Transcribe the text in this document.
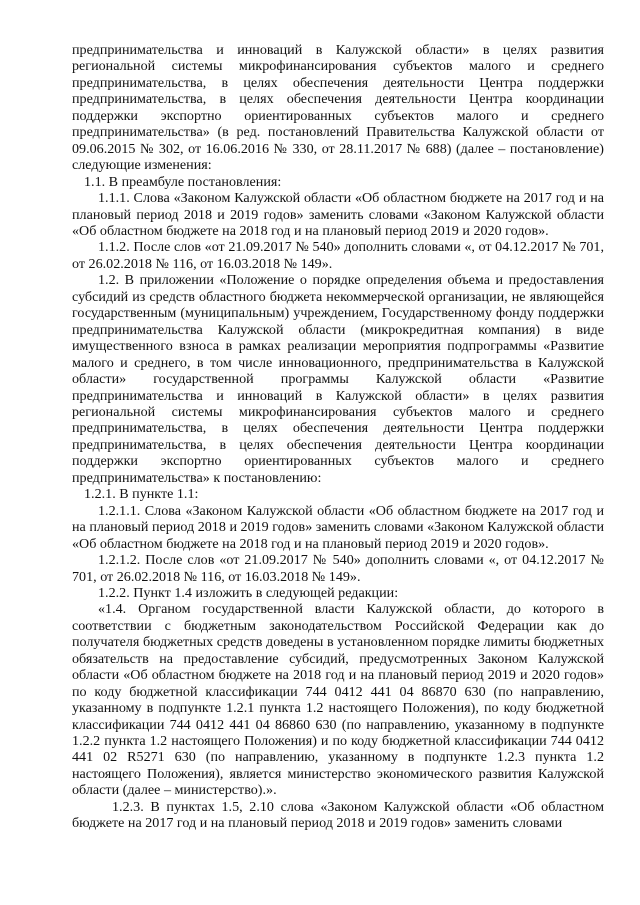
предпринимательства и инноваций в Калужской области» в целях развития региональной системы микрофинансирования субъектов малого и среднего предпринимательства, в целях обеспечения деятельности Центра поддержки предпринимательства, в целях обеспечения деятельности Центра координации поддержки экспортно ориентированных субъектов малого и среднего предпринимательства» (в ред. постановлений Правительства Калужской области от 09.06.2015 № 302, от 16.06.2016 № 330, от 28.11.2017 № 688) (далее – постановление) следующие изменения:

1.1. В преамбуле постановления:

1.1.1. Слова «Законом Калужской области «Об областном бюджете на 2017 год и на плановый период 2018 и 2019 годов» заменить словами «Законом Калужской области «Об областном бюджете на 2018 год и на плановый период 2019 и 2020 годов».

1.1.2. После слов «от 21.09.2017 № 540» дополнить словами «, от 04.12.2017 № 701, от 26.02.2018 № 116, от 16.03.2018 № 149».

1.2. В приложении «Положение о порядке определения объема и предоставления субсидий из средств областного бюджета некоммерческой организации, не являющейся государственным (муниципальным) учреждением, Государственному фонду поддержки предпринимательства Калужской области (микрокредитная компания) в виде имущественного взноса в рамках реализации мероприятия подпрограммы «Развитие малого и среднего, в том числе инновационного, предпринимательства в Калужской области» государственной программы Калужской области «Развитие предпринимательства и инноваций в Калужской области» в целях развития региональной системы микрофинансирования субъектов малого и среднего предпринимательства, в целях обеспечения деятельности Центра поддержки предпринимательства, в целях обеспечения деятельности Центра координации поддержки экспортно ориентированных субъектов малого и среднего предпринимательства» к постановлению:

1.2.1. В пункте 1.1:

1.2.1.1. Слова «Законом Калужской области «Об областном бюджете на 2017 год и на плановый период 2018 и 2019 годов» заменить словами «Законом Калужской области «Об областном бюджете на 2018 год и на плановый период 2019 и 2020 годов».

1.2.1.2. После слов «от 21.09.2017 № 540» дополнить словами «, от 04.12.2017 № 701, от 26.02.2018 № 116, от 16.03.2018 № 149».

1.2.2. Пункт 1.4 изложить в следующей редакции:

«1.4. Органом государственной власти Калужской области, до которого в соответствии с бюджетным законодательством Российской Федерации как до получателя бюджетных средств доведены в установленном порядке лимиты бюджетных обязательств на предоставление субсидий, предусмотренных Законом Калужской области «Об областном бюджете на 2018 год и на плановый период 2019 и 2020 годов» по коду бюджетной классификации 744 0412 441 04 86870 630 (по направлению, указанному в подпункте 1.2.1 пункта 1.2 настоящего Положения), по коду бюджетной классификации 744 0412 441 04 86860 630 (по направлению, указанному в подпункте 1.2.2 пункта 1.2 настоящего Положения) и по коду бюджетной классификации 744 0412 441 02 R5271 630 (по направлению, указанному в подпункте 1.2.3 пункта 1.2 настоящего Положения), является министерство экономического развития Калужской области (далее – министерство).».

1.2.3. В пунктах 1.5, 2.10 слова «Законом Калужской области «Об областном бюджете на 2017 год и на плановый период 2018 и 2019 годов» заменить словами
